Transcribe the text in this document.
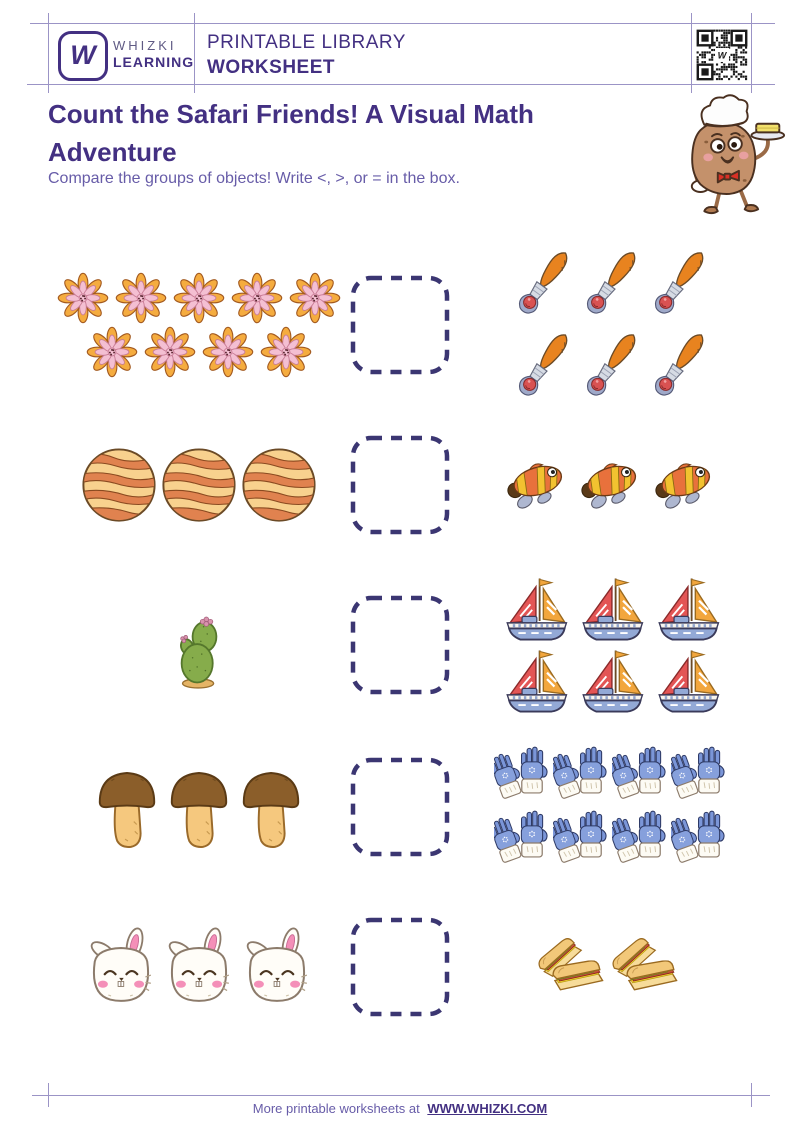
W WHIZKI
LEARNING
PRINTABLE LIBRARY
WORKSHEET
W
Count the Safari Friends! A Visual Math Adventure

Compare the groups of objects! Write <, >, or = in the box.

More printable worksheets at WWW.WHIZKI.COM
